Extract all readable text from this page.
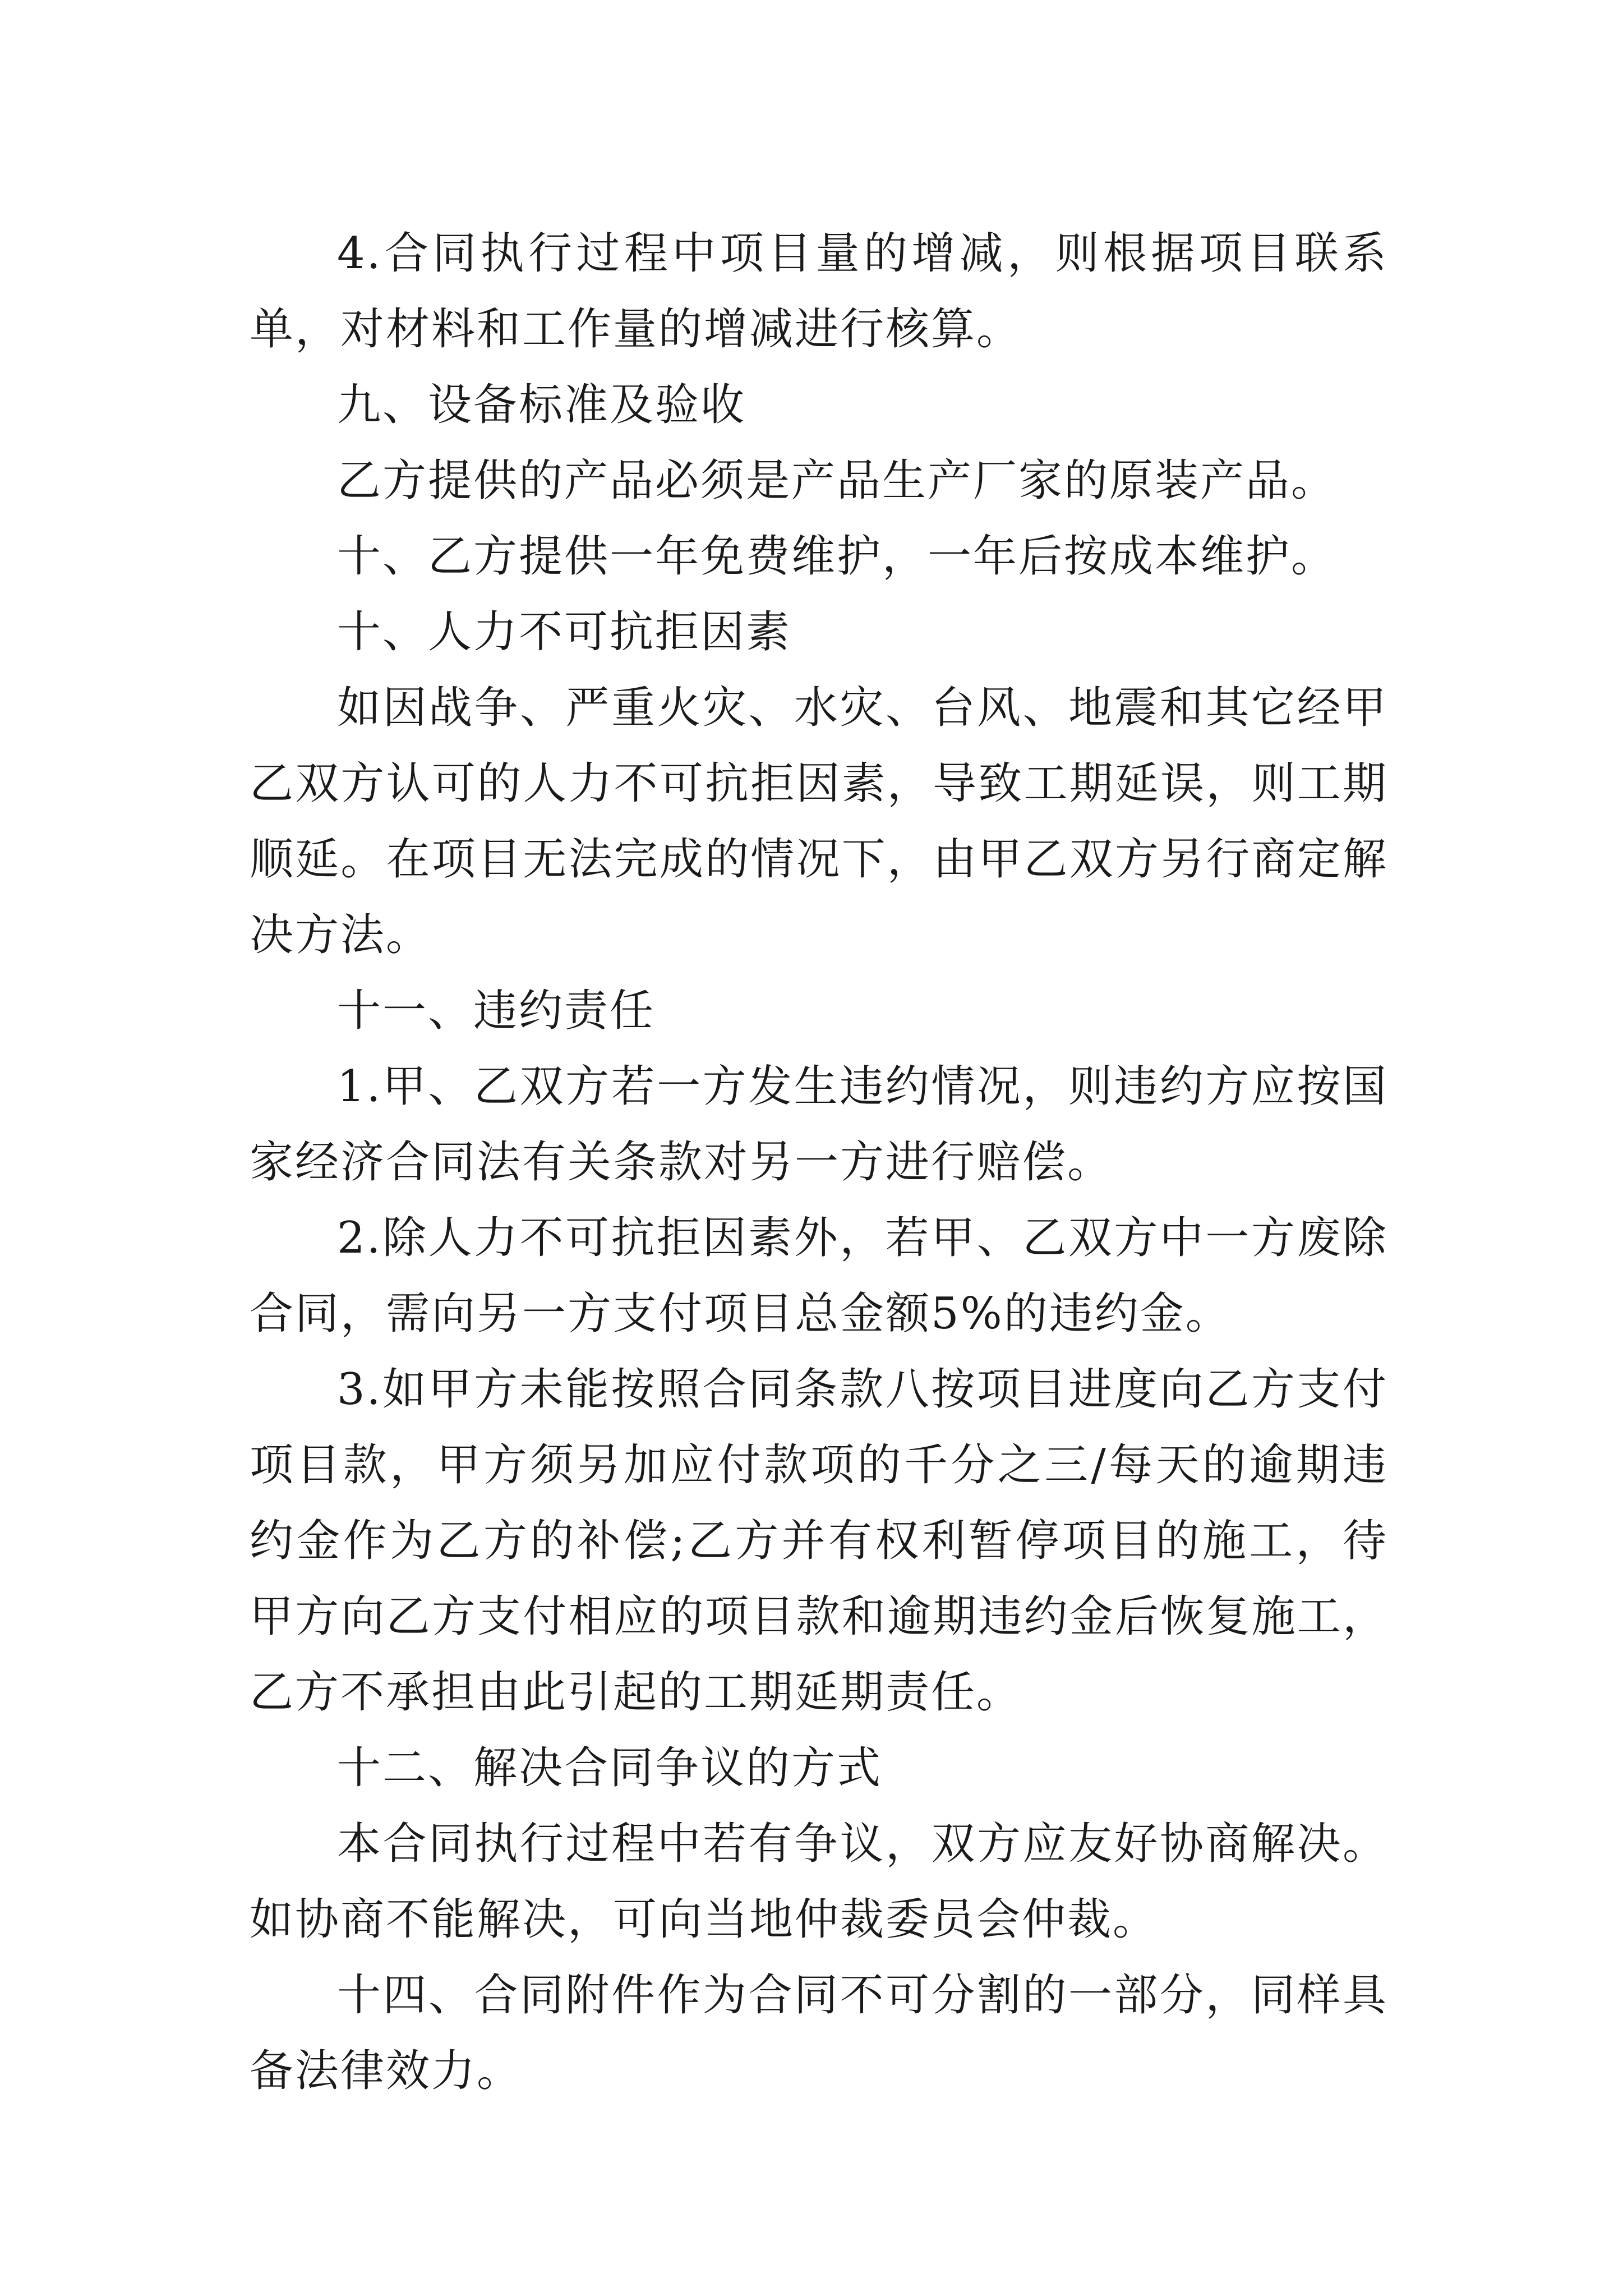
4.合同执行过程中项目量的增减，则根据项目联系单，对材料和工作量的增减进行核算。

九、设备标准及验收

乙方提供的产品必须是产品生产厂家的原装产品。

十、乙方提供一年免费维护，一年后按成本维护。

十、人力不可抗拒因素

如因战争、严重火灾、水灾、台风、地震和其它经甲乙双方认可的人力不可抗拒因素，导致工期延误，则工期顺延。在项目无法完成的情况下，由甲乙双方另行商定解决方法。

十一、违约责任

1.甲、乙双方若一方发生违约情况，则违约方应按国家经济合同法有关条款对另一方进行赔偿。

2.除人力不可抗拒因素外，若甲、乙双方中一方废除合同，需向另一方支付项目总金额5%的违约金。

3.如甲方未能按照合同条款八按项目进度向乙方支付项目款，甲方须另加应付款项的千分之三/每天的逾期违约金作为乙方的补偿;乙方并有权利暂停项目的施工，待甲方向乙方支付相应的项目款和逾期违约金后恢复施工，乙方不承担由此引起的工期延期责任。

十二、解决合同争议的方式

本合同执行过程中若有争议，双方应友好协商解决。如协商不能解决，可向当地仲裁委员会仲裁。

十四、合同附件作为合同不可分割的一部分，同样具备法律效力。
